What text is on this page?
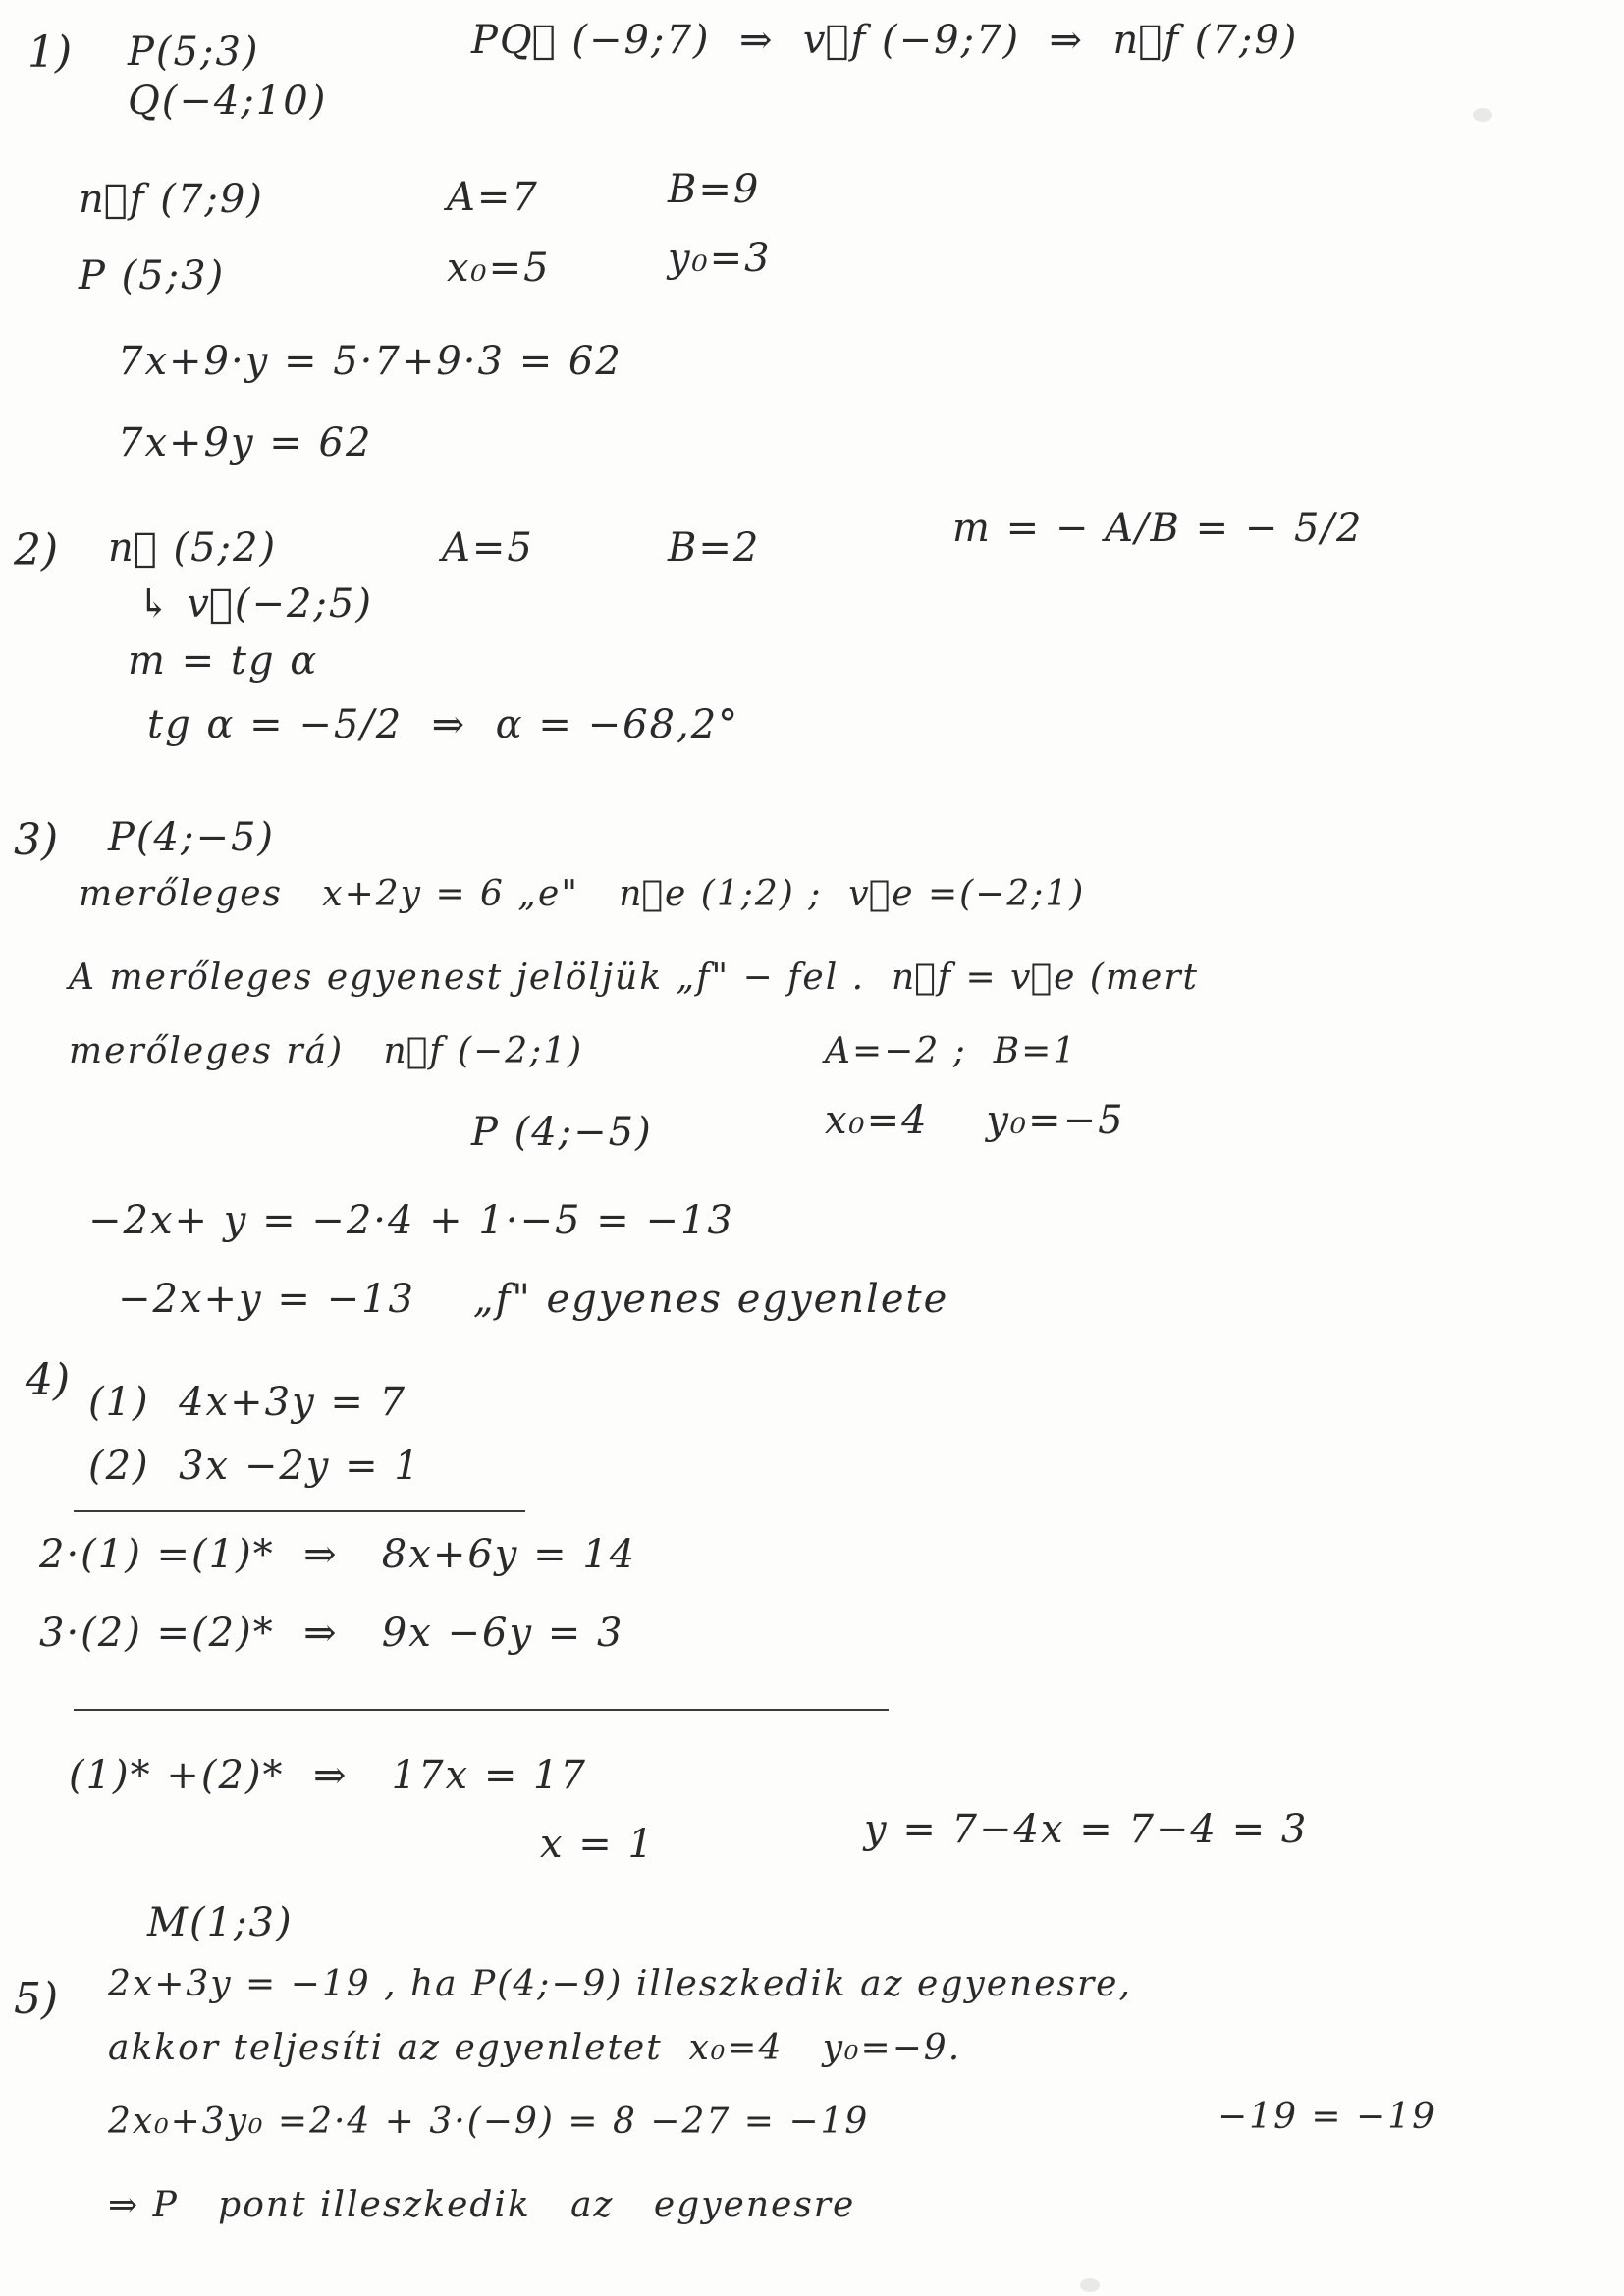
1) P(5;3)
Q(−4;10)
PQ⃗ (−9;7)  ⇒  v⃗f (−9;7)  ⇒  n⃗f (7;9)
n⃗f (7;9)	A=7	B=9
P (5;3)	x₀=5	y₀=3
7x+9·y = 5·7+9·3 = 62
7x+9y = 62
2) n⃗ (5;2)	A=5	B=2	m = − A/B = − 5/2
↳ v⃗(−2;5)
m = tg α
tg α = −5/2  ⇒  α = −68,2°
3) P(4;−5)
merőleges   x+2y = 6 „e"   n⃗e (1;2) ;  v⃗e =(−2;1)
A merőleges egyenest jelöljük „f" − fel .  n⃗f = v⃗e (mert
merőleges rá)   n⃗f (−2;1)	A=−2 ;  B=1
P (4;−5)	x₀=4    y₀=−5
−2x+ y = −2·4 + 1·−5 = −13
−2x+y = −13    „f" egyenes egyenlete
4) (1)  4x+3y = 7
(2)  3x −2y = 1
2·(1) =(1)*  ⇒   8x+6y = 14
3·(2) =(2)*  ⇒   9x −6y = 3
(1)* +(2)*  ⇒   17x = 17
x = 1	y = 7−4x = 7−4 = 3
M(1;3)
5) 2x+3y = −19 , ha P(4;−9) illeszkedik az egyenesre,
akkor teljesíti az egyenletet  x₀=4   y₀=−9.
2x₀+3y₀ =2·4 + 3·(−9) = 8 −27 = −19	−19 = −19
⇒ P   pont illeszkedik   az   egyenesre
